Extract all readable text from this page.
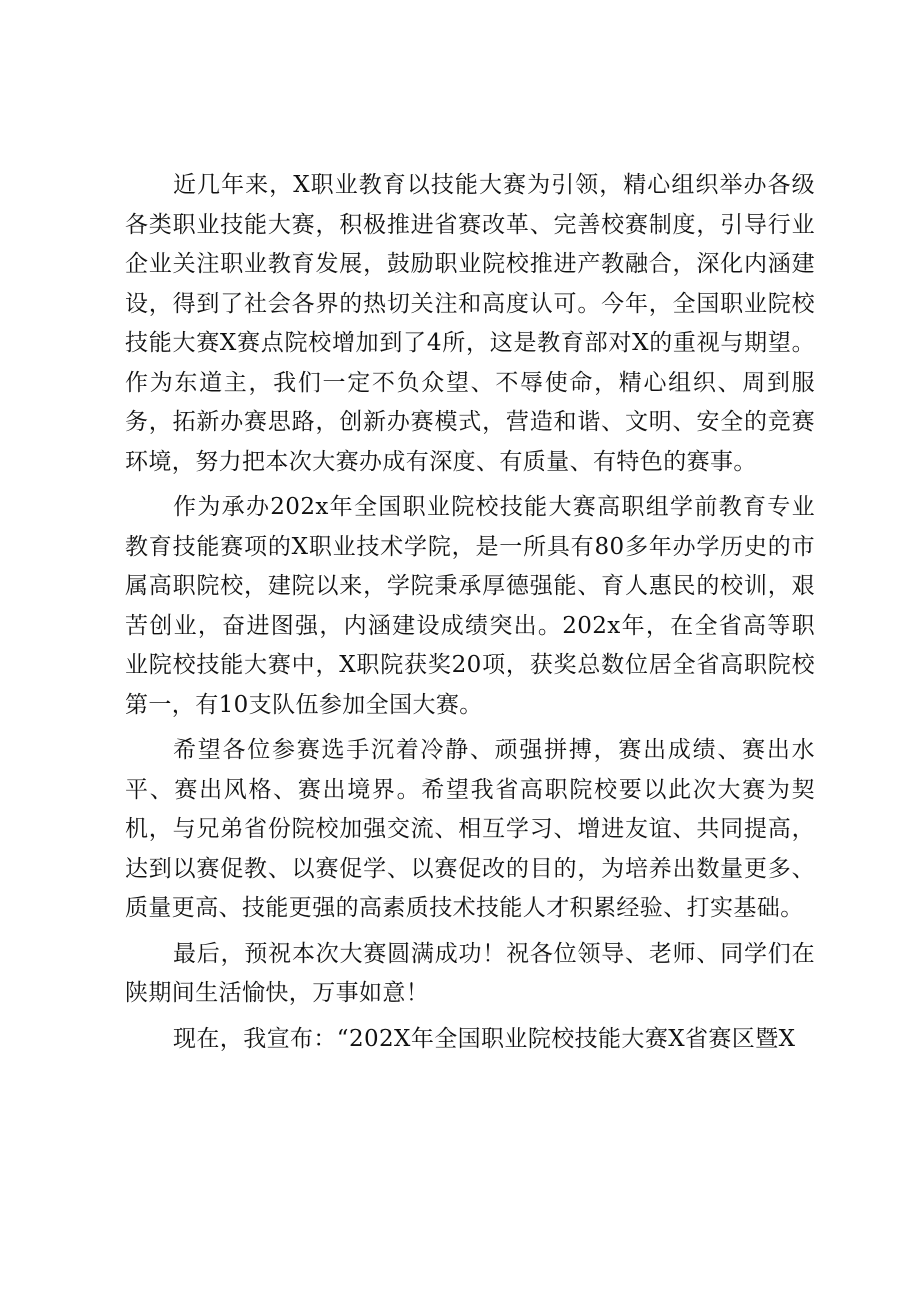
近几年来，X职业教育以技能大赛为引领，精心组织举办各级各类职业技能大赛，积极推进省赛改革、完善校赛制度，引导行业企业关注职业教育发展，鼓励职业院校推进产教融合，深化内涵建设，得到了社会各界的热切关注和高度认可。今年，全国职业院校技能大赛X赛点院校增加到了4所，这是教育部对X的重视与期望。作为东道主，我们一定不负众望、不辱使命，精心组织、周到服务，拓新办赛思路，创新办赛模式，营造和谐、文明、安全的竞赛环境，努力把本次大赛办成有深度、有质量、有特色的赛事。

作为承办202x年全国职业院校技能大赛高职组学前教育专业教育技能赛项的X职业技术学院，是一所具有80多年办学历史的市属高职院校，建院以来，学院秉承厚德强能、育人惠民的校训，艰苦创业，奋进图强，内涵建设成绩突出。202x年，在全省高等职业院校技能大赛中，X职院获奖20项，获奖总数位居全省高职院校第一，有10支队伍参加全国大赛。

希望各位参赛选手沉着冷静、顽强拼搏，赛出成绩、赛出水平、赛出风格、赛出境界。希望我省高职院校要以此次大赛为契机，与兄弟省份院校加强交流、相互学习、增进友谊、共同提高，达到以赛促教、以赛促学、以赛促改的目的，为培养出数量更多、质量更高、技能更强的高素质技术技能人才积累经验、打实基础。

最后，预祝本次大赛圆满成功！祝各位领导、老师、同学们在陕期间生活愉快，万事如意！

现在，我宣布：“202X年全国职业院校技能大赛X省赛区暨X
